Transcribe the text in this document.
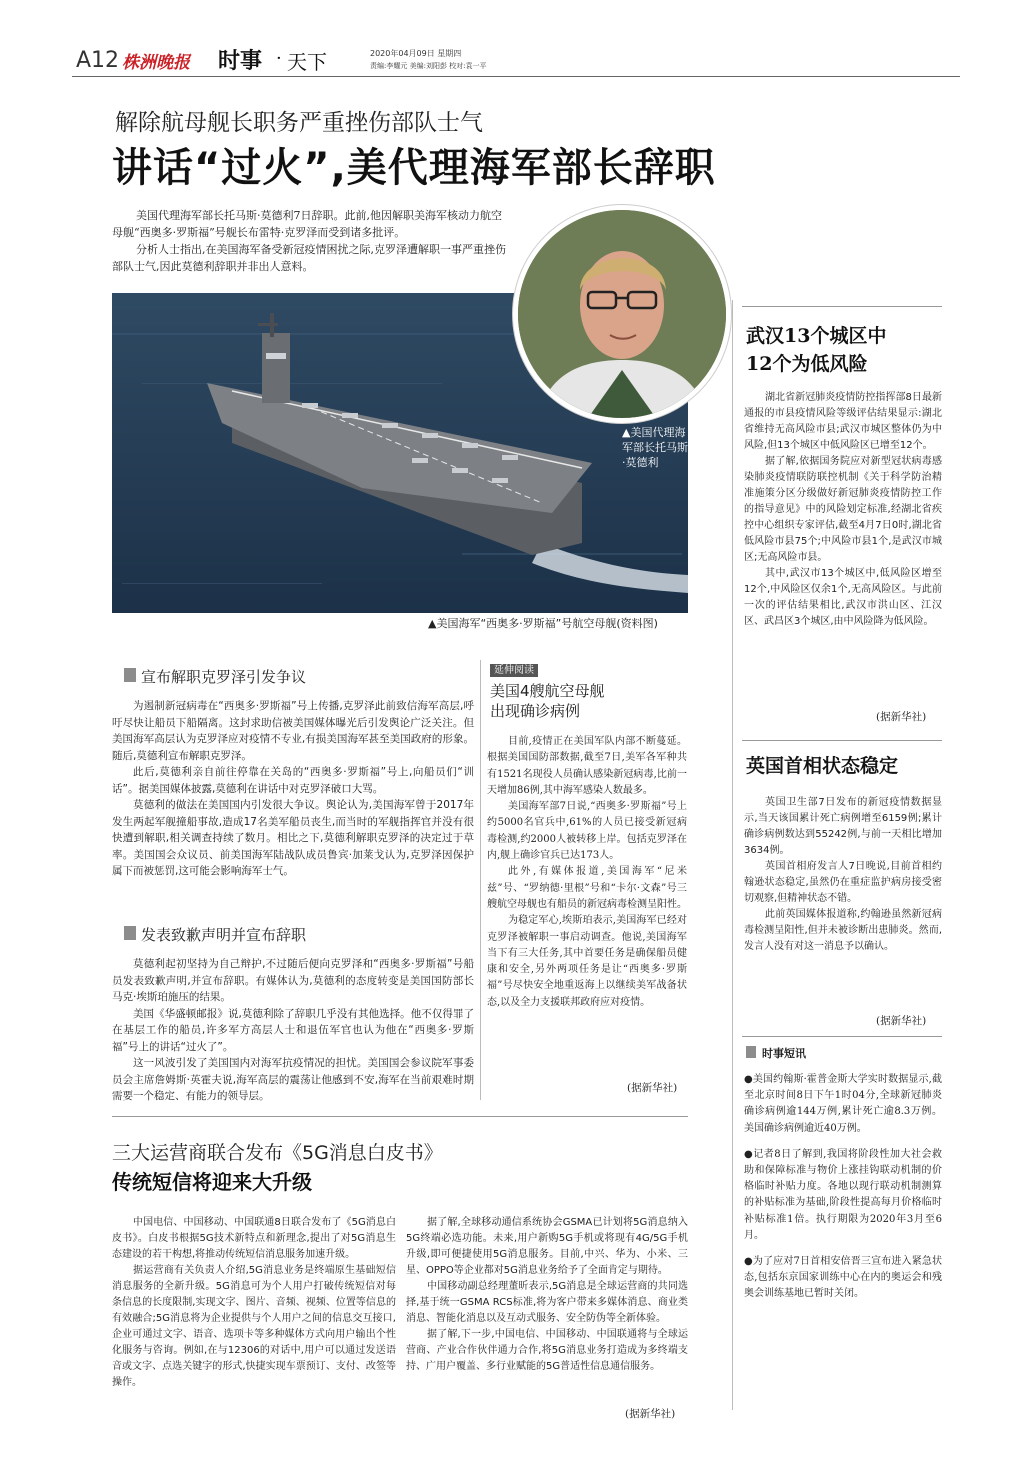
A12 株洲晚报	时事 · 天下	2020年04月09日 星期四
责编:李耀元 美编:刘阳彭 校对:袁一平
解除航母舰长职务严重挫伤部队士气
讲话“过火”,美代理海军部长辞职

美国代理海军部长托马斯·莫德利7日辞职。此前,他因解职美海军核动力航空母舰“西奥多·罗斯福”号舰长布雷特·克罗泽而受到诸多批评。

分析人士指出,在美国海军备受新冠疫情困扰之际,克罗泽遭解职一事严重挫伤部队士气,因此莫德利辞职并非出人意料。

▲美国海军“西奥多·罗斯福”号航空母舰(资料图)
▲美国代理海军部长托马斯·莫德利
宣布解职克罗泽引发争议

为遏制新冠病毒在“西奥多·罗斯福”号上传播,克罗泽此前致信海军高层,呼吁尽快让船员下船隔离。这封求助信被美国媒体曝光后引发舆论广泛关注。但美国海军高层认为克罗泽应对疫情不专业,有损美国海军甚至美国政府的形象。随后,莫德利宣布解职克罗泽。

此后,莫德利亲自前往停靠在关岛的“西奥多·罗斯福”号上,向船员们“训话”。据美国媒体披露,莫德利在讲话中对克罗泽破口大骂。

莫德利的做法在美国国内引发很大争议。舆论认为,美国海军曾于2017年发生两起军舰撞船事故,造成17名美军船员丧生,而当时的军舰指挥官并没有很快遭到解职,相关调查持续了数月。相比之下,莫德利解职克罗泽的决定过于草率。美国国会众议员、前美国海军陆战队成员鲁宾·加莱戈认为,克罗泽因保护属下而被惩罚,这可能会影响海军士气。

发表致歉声明并宣布辞职

莫德利起初坚持为自己辩护,不过随后便向克罗泽和“西奥多·罗斯福”号船员发表致歉声明,并宣布辞职。有媒体认为,莫德利的态度转变是美国国防部长马克·埃斯珀施压的结果。

美国《华盛顿邮报》说,莫德利除了辞职几乎没有其他选择。他不仅得罪了在基层工作的船员,许多军方高层人士和退伍军官也认为他在“西奥多·罗斯福”号上的讲话“过火了”。

这一风波引发了美国国内对海军抗疫情况的担忧。美国国会参议院军事委员会主席詹姆斯·英霍夫说,海军高层的震荡让他感到不安,海军在当前艰难时期需要一个稳定、有能力的领导层。

延伸阅读
美国4艘航空母舰
出现确诊病例

目前,疫情正在美国军队内部不断蔓延。根据美国国防部数据,截至7日,美军各军种共有1521名现役人员确认感染新冠病毒,比前一天增加86例,其中海军感染人数最多。

美国海军部7日说,“西奥多·罗斯福”号上约5000名官兵中,61%的人员已接受新冠病毒检测,约2000人被转移上岸。包括克罗泽在内,舰上确诊官兵已达173人。

此外,有媒体报道,美国海军“尼米兹”号、“罗纳德·里根”号和“卡尔·文森”号三艘航空母舰也有船员的新冠病毒检测呈阳性。

为稳定军心,埃斯珀表示,美国海军已经对克罗泽被解职一事启动调查。他说,美国海军当下有三大任务,其中首要任务是确保船员健康和安全,另外两项任务是让“西奥多·罗斯福”号尽快安全地重返海上以继续美军战备状态,以及全力支援联邦政府应对疫情。

(据新华社)
三大运营商联合发布《5G消息白皮书》
传统短信将迎来大升级

中国电信、中国移动、中国联通8日联合发布了《5G消息白皮书》。白皮书根据5G技术新特点和新理念,提出了对5G消息生态建设的若干构想,将推动传统短信消息服务加速升级。

据运营商有关负责人介绍,5G消息业务是终端原生基础短信消息服务的全新升级。5G消息可为个人用户打破传统短信对每条信息的长度限制,实现文字、图片、音频、视频、位置等信息的有效融合;5G消息将为企业提供与个人用户之间的信息交互接口,企业可通过文字、语音、选项卡等多种媒体方式向用户输出个性化服务与咨询。例如,在与12306的对话中,用户可以通过发送语音或文字、点选关键字的形式,快捷实现车票预订、支付、改签等操作。

据了解,全球移动通信系统协会GSMA已计划将5G消息纳入5G终端必选功能。未来,用户新购5G手机或将现有4G/5G手机升级,即可便捷使用5G消息服务。目前,中兴、华为、小米、三星、OPPO等企业都对5G消息业务给予了全面肯定与期待。

中国移动副总经理董昕表示,5G消息是全球运营商的共同选择,基于统一GSMA RCS标准,将为客户带来多媒体消息、商业类消息、智能化消息以及互动式服务、安全防伪等全新体验。

据了解,下一步,中国电信、中国移动、中国联通将与全球运营商、产业合作伙伴通力合作,将5G消息业务打造成为多终端支持、广用户覆盖、多行业赋能的5G普适性信息通信服务。

(据新华社)
武汉13个城区中
12个为低风险

湖北省新冠肺炎疫情防控指挥部8日最新通报的市县疫情风险等级评估结果显示:湖北省维持无高风险市县;武汉市城区整体仍为中风险,但13个城区中低风险区已增至12个。

据了解,依据国务院应对新型冠状病毒感染肺炎疫情联防联控机制《关于科学防治精准施策分区分级做好新冠肺炎疫情防控工作的指导意见》中的风险划定标准,经湖北省疾控中心组织专家评估,截至4月7日0时,湖北省低风险市县75个;中风险市县1个,是武汉市城区;无高风险市县。

其中,武汉市13个城区中,低风险区增至12个,中风险区仅余1个,无高风险区。与此前一次的评估结果相比,武汉市洪山区、江汉区、武昌区3个城区,由中风险降为低风险。

(据新华社)
英国首相状态稳定

英国卫生部7日发布的新冠疫情数据显示,当天该国累计死亡病例增至6159例;累计确诊病例数达到55242例,与前一天相比增加3634例。

英国首相府发言人7日晚说,目前首相约翰逊状态稳定,虽然仍在重症监护病房接受密切观察,但精神状态不错。

此前英国媒体报道称,约翰逊虽然新冠病毒检测呈阳性,但并未被诊断出患肺炎。然而,发言人没有对这一消息予以确认。

(据新华社)
时事短讯

●美国约翰斯·霍普金斯大学实时数据显示,截至北京时间8日下午1时04分,全球新冠肺炎确诊病例逾144万例,累计死亡逾8.3万例。美国确诊病例逾近40万例。

●记者8日了解到,我国将阶段性加大社会救助和保障标准与物价上涨挂钩联动机制的价格临时补贴力度。各地以现行联动机制测算的补贴标准为基础,阶段性提高每月价格临时补贴标准1倍。执行期限为2020年3月至6月。

●为了应对7日首相安倍晋三宣布进入紧急状态,包括东京国家训练中心在内的奥运会和残奥会训练基地已暂时关闭。
